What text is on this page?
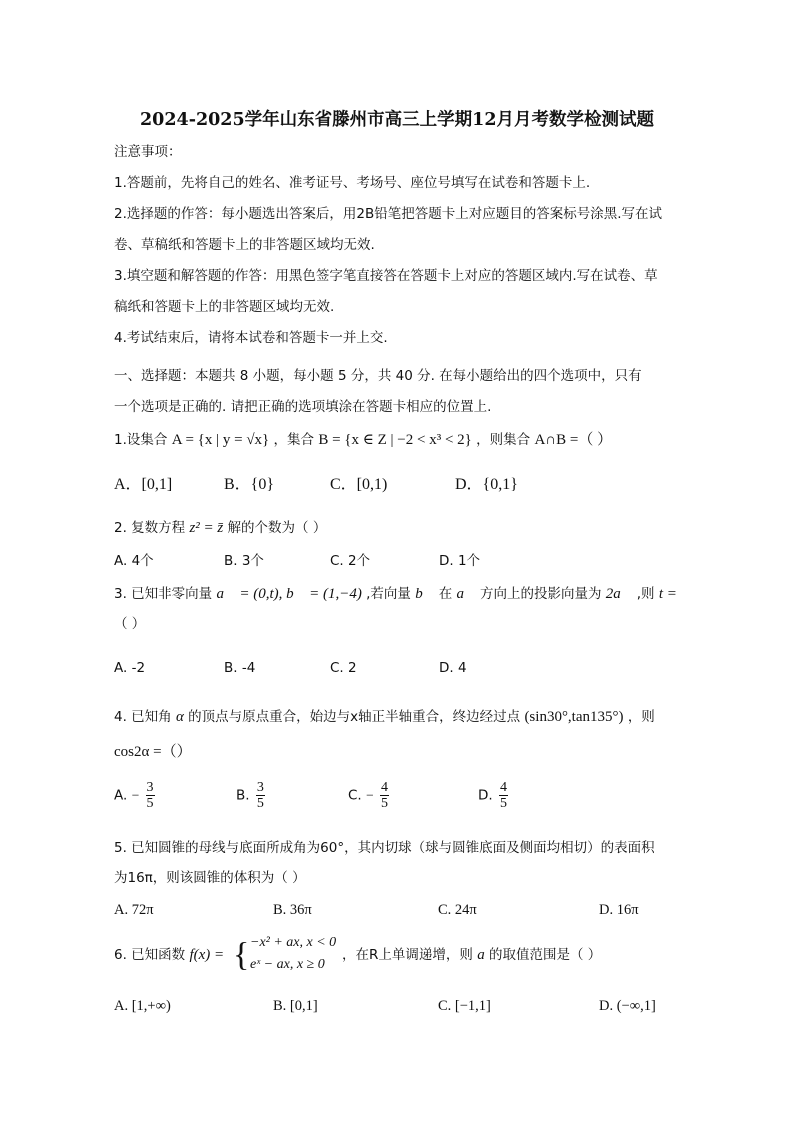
2024-2025学年山东省滕州市高三上学期12月月考数学检测试题
注意事项：
1.答题前，先将自己的姓名、准考证号、考场号、座位号填写在试卷和答题卡上.
2.选择题的作答：每小题选出答案后，用2B铅笔把答题卡上对应题目的答案标号涂黑.写在试
卷、草稿纸和答题卡上的非答题区域均无效.
3.填空题和解答题的作答：用黑色签字笔直接答在答题卡上对应的答题区域内.写在试卷、草
稿纸和答题卡上的非答题区域均无效.
4.考试结束后，请将本试卷和答题卡一并上交.
一、选择题：本题共 8 小题，每小题 5 分，共 40 分. 在每小题给出的四个选项中，只有
一个选项是正确的. 请把正确的选项填涂在答题卡相应的位置上.
1.设集合 A = {x | y = √x} ，集合 B = {x ∈ Z | −2 < x³ < 2} ，则集合 A∩B =（ ）
A．[0,1]	B．{0}	C．[0,1)	D．{0,1}
2. 复数方程 z² = z̄ 解的个数为（ ）
A. 4个	B. 3个	C. 2个	D. 1个
3. 已知非零向量 a⃗ = (0,t), b⃗ = (1,−4) ,若向量 b⃗ 在 a⃗ 方向上的投影向量为 2a⃗ ,则 t =
（ ）
A. -2	B. -4	C. 2	D. 4
4. 已知角 α 的顶点与原点重合，始边与x轴正半轴重合，终边经过点 (sin30°,tan135°) ，则
cos2α =（）
A. − $\frac{3}{5}$	B. $\frac{3}{5}$	C. − $\frac{4}{5}$	D. $\frac{4}{5}$
5. 已知圆锥的母线与底面所成角为60°，其内切球（球与圆锥底面及侧面均相切）的表面积
为16π，则该圆锥的体积为（ ）
A. 72π	B. 36π	C. 24π	D. 16π
6. 已知函数 f(x) = { −x² + ax, x < 0
eˣ − ax, x ≥ 0
，在R上单调递增，则 a 的取值范围是（ ）
A. [1,+∞)	B. [0,1]	C. [−1,1]	D. (−∞,1]
